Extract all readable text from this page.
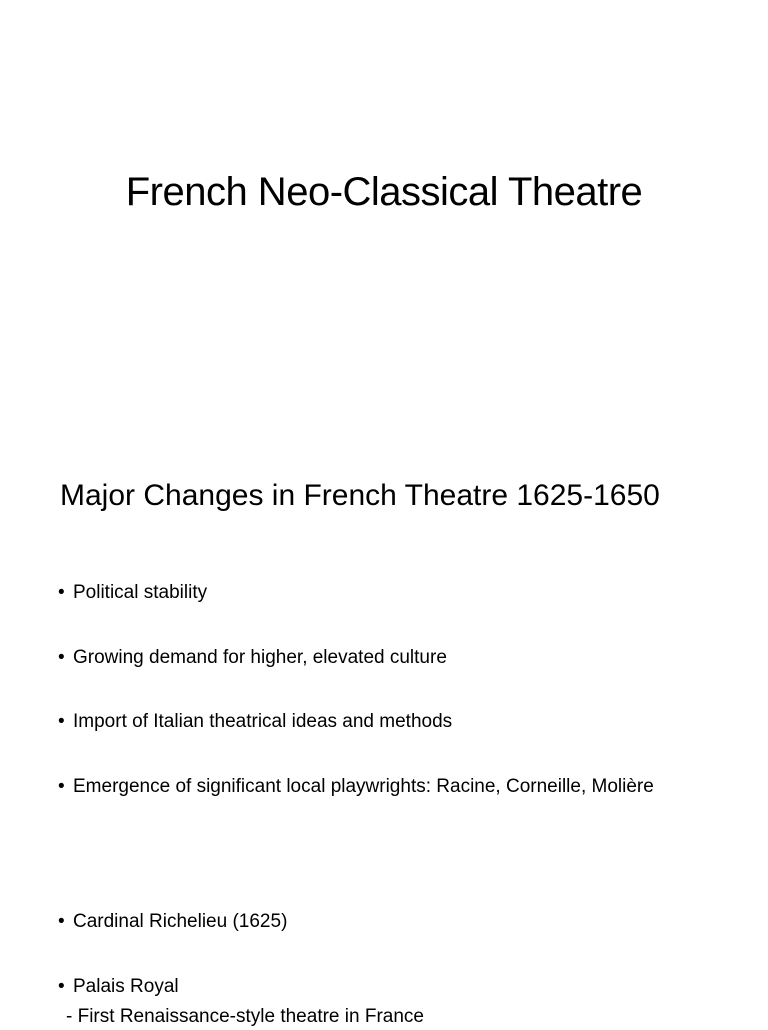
French Neo-Classical Theatre
Major Changes in French Theatre 1625-1650
• Political stability
• Growing demand for higher, elevated culture
• Import of Italian theatrical ideas and methods
• Emergence of significant local playwrights: Racine, Corneille, Molière
• Cardinal Richelieu (1625)
• Palais Royal
- First Renaissance-style theatre in France
